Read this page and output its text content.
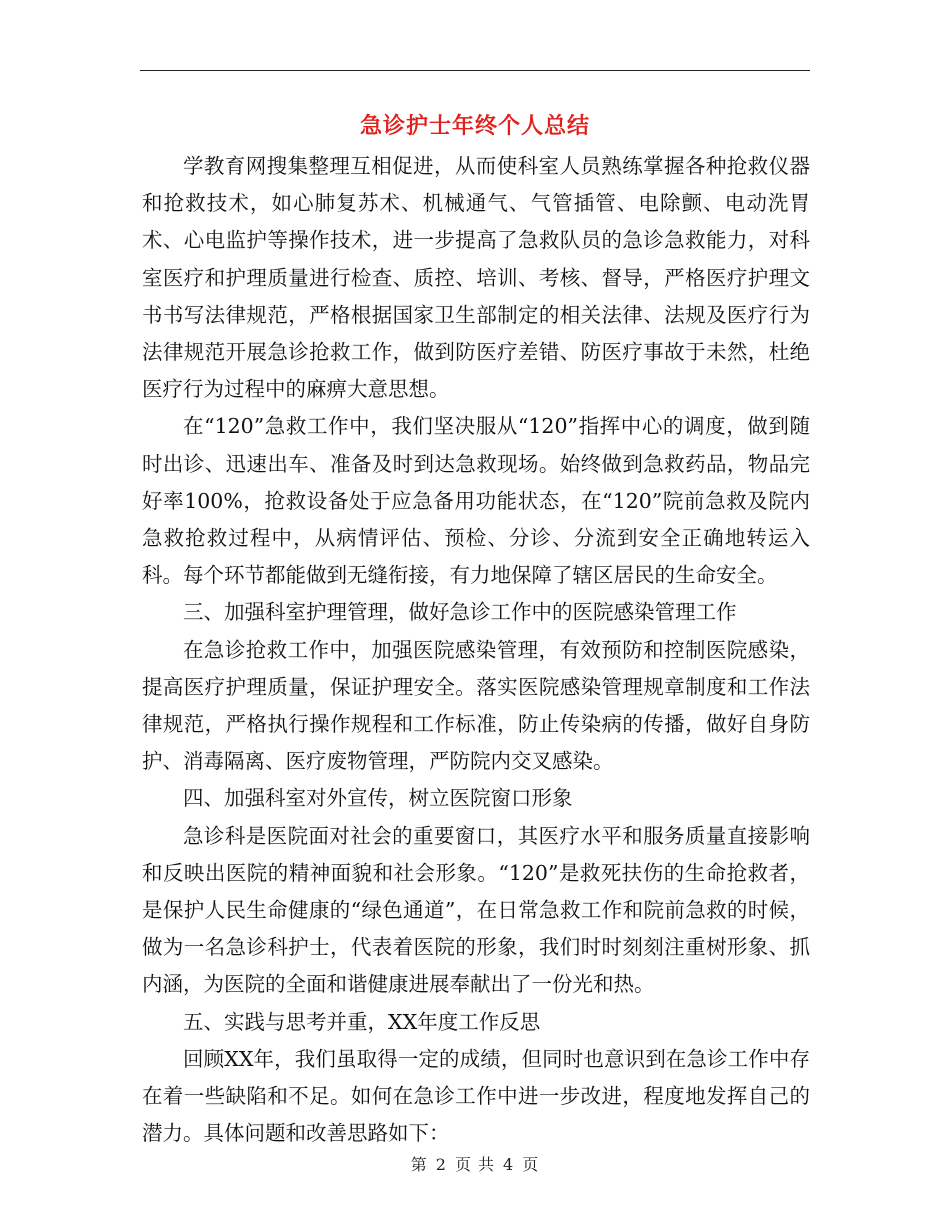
急诊护士年终个人总结

学教育网搜集整理互相促进，从而使科室人员熟练掌握各种抢救仪器和抢救技术，如心肺复苏术、机械通气、气管插管、电除颤、电动洗胃术、心电监护等操作技术，进一步提高了急救队员的急诊急救能力，对科室医疗和护理质量进行检查、质控、培训、考核、督导，严格医疗护理文书书写法律规范，严格根据国家卫生部制定的相关法律、法规及医疗行为法律规范开展急诊抢救工作，做到防医疗差错、防医疗事故于未然，杜绝医疗行为过程中的麻痹大意思想。

在“120”急救工作中，我们坚决服从“120”指挥中心的调度，做到随时出诊、迅速出车、准备及时到达急救现场。始终做到急救药品，物品完好率100%，抢救设备处于应急备用功能状态，在“120”院前急救及院内急救抢救过程中，从病情评估、预检、分诊、分流到安全正确地转运入科。每个环节都能做到无缝衔接，有力地保障了辖区居民的生命安全。

三、加强科室护理管理，做好急诊工作中的医院感染管理工作

在急诊抢救工作中，加强医院感染管理，有效预防和控制医院感染，提高医疗护理质量，保证护理安全。落实医院感染管理规章制度和工作法律规范，严格执行操作规程和工作标准，防止传染病的传播，做好自身防护、消毒隔离、医疗废物管理，严防院内交叉感染。

四、加强科室对外宣传，树立医院窗口形象

急诊科是医院面对社会的重要窗口，其医疗水平和服务质量直接影响和反映出医院的精神面貌和社会形象。“120”是救死扶伤的生命抢救者，是保护人民生命健康的“绿色通道”，在日常急救工作和院前急救的时候，做为一名急诊科护士，代表着医院的形象，我们时时刻刻注重树形象、抓内涵，为医院的全面和谐健康进展奉献出了一份光和热。

五、实践与思考并重，XX年度工作反思

回顾XX年，我们虽取得一定的成绩，但同时也意识到在急诊工作中存在着一些缺陷和不足。如何在急诊工作中进一步改进，程度地发挥自己的潜力。具体问题和改善思路如下：

第 2 页 共 4 页
